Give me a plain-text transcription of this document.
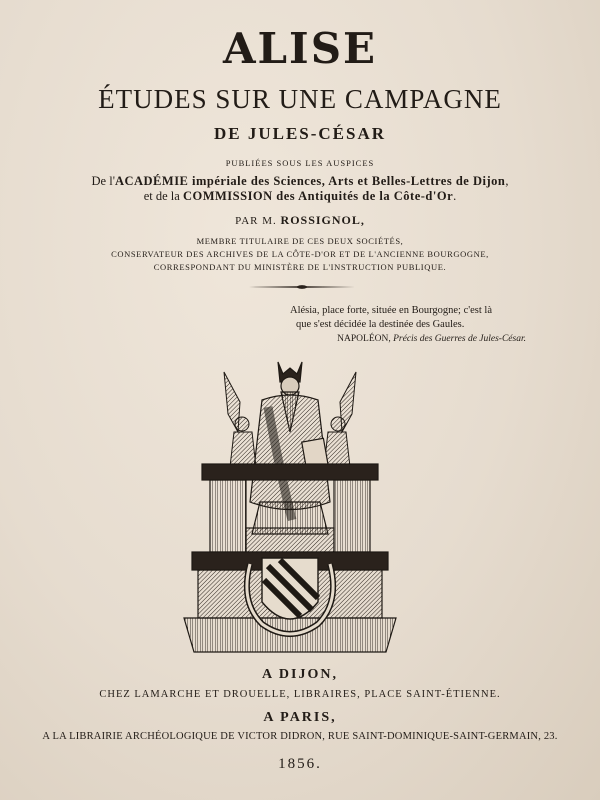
ALISE
ÉTUDES SUR UNE CAMPAGNE
DE JULES-CÉSAR
PUBLIÉES SOUS LES AUSPICES
De l'ACADÉMIE impériale des Sciences, Arts et Belles-Lettres de Dijon,
et de la COMMISSION des Antiquités de la Côte-d'Or.
PAR M. ROSSIGNOL,
MEMBRE TITULAIRE DE CES DEUX SOCIÉTÉS,
CONSERVATEUR DES ARCHIVES DE LA CÔTE-D'OR ET DE L'ANCIENNE BOURGOGNE,
CORRESPONDANT DU MINISTÈRE DE L'INSTRUCTION PUBLIQUE.
Alésia, place forte, située en Bourgogne; c'est là
que s'est décidée la destinée des Gaules.
NAPOLÉON, Précis des Guerres de Jules-César.
A DIJON,
CHEZ LAMARCHE ET DROUELLE, LIBRAIRES, PLACE SAINT-ÉTIENNE.
A PARIS,
A LA LIBRAIRIE ARCHÉOLOGIQUE DE VICTOR DIDRON, RUE SAINT-DOMINIQUE-SAINT-GERMAIN, 23.
1856.
